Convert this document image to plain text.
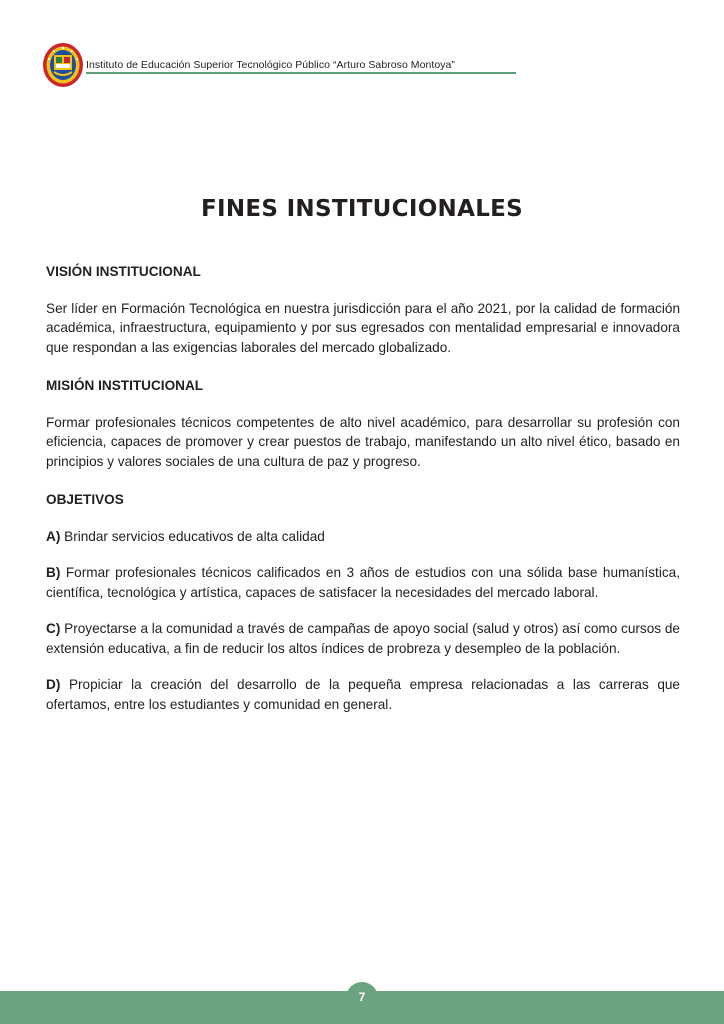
Instituto de Educación Superior Tecnológico Público “Arturo Sabroso Montoya”
FINES INSTITUCIONALES
VISIÓN INSTITUCIONAL

Ser líder en Formación Tecnológica en nuestra jurisdicción para el año 2021, por la calidad de formación académica, infraestructura, equipamiento y por sus egresados con mentalidad empresarial e innovadora que respondan a las exigencias laborales del mercado globalizado.

MISIÓN INSTITUCIONAL

Formar profesionales técnicos competentes de alto nivel académico, para desarrollar su profesión con eficiencia, capaces de promover y crear puestos de trabajo, manifestando un alto nivel ético, basado en principios y valores sociales de una cultura de paz y progreso.

OBJETIVOS

A) Brindar servicios educativos de alta calidad

B) Formar profesionales técnicos calificados en 3 años de estudios con una sólida base humanística, científica, tecnológica y artística, capaces de satisfacer la necesidades del mercado laboral.

C) Proyectarse a la comunidad a través de campañas de apoyo social (salud y otros) así como cursos de extensión educativa, a fin de reducir los altos índices de probreza y desempleo de la población.

D) Propiciar la creación del desarrollo de la pequeña empresa relacionadas a las carreras que ofertamos, entre los estudiantes y comunidad en general.

7
